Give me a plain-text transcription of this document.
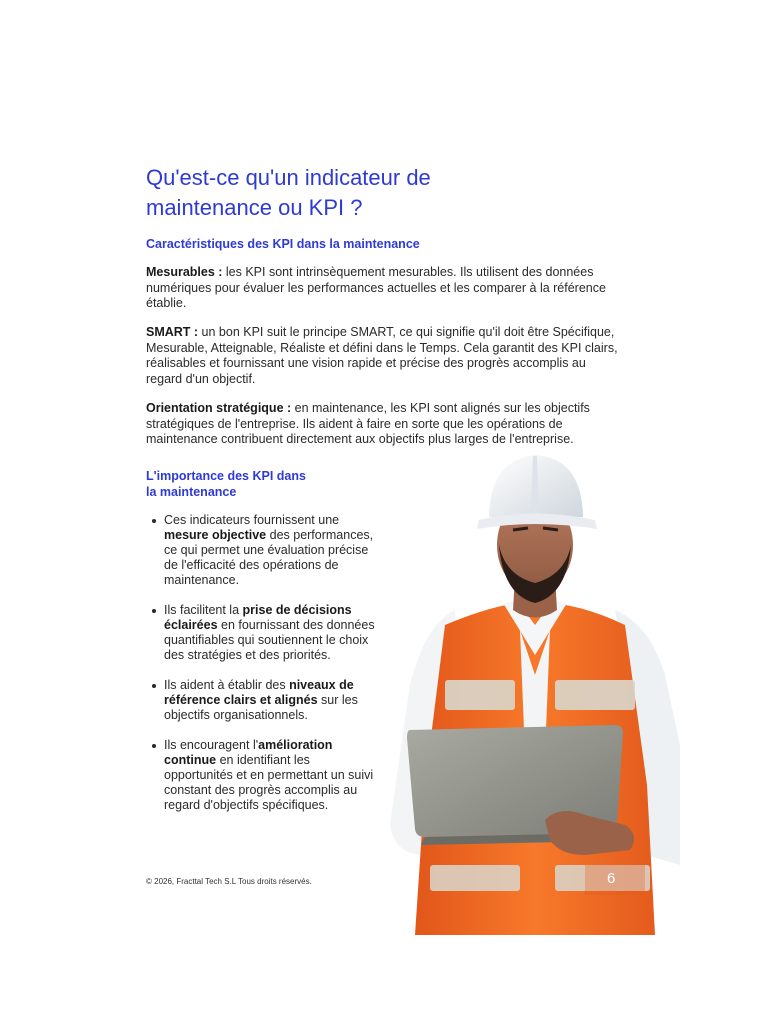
Qu'est-ce qu'un indicateur de
maintenance ou KPI ?
Caractéristiques des KPI dans la maintenance

Mesurables : les KPI sont intrinsèquement mesurables. Ils utilisent des données numériques pour évaluer les performances actuelles et les comparer à la référence établie.

SMART : un bon KPI suit le principe SMART, ce qui signifie qu'il doit être Spécifique, Mesurable, Atteignable, Réaliste et défini dans le Temps. Cela garantit des KPI clairs, réalisables et fournissant une vision rapide et précise des progrès accomplis au regard d'un objectif.

Orientation stratégique : en maintenance, les KPI sont alignés sur les objectifs stratégiques de l'entreprise. Ils aident à faire en sorte que les opérations de maintenance contribuent directement aux objectifs plus larges de l'entreprise.

L'importance des KPI dans
la maintenance
Ces indicateurs fournissent une mesure objective des performances, ce qui permet une évaluation précise de l'efficacité des opérations de maintenance.
Ils facilitent la prise de décisions éclairées en fournissant des données quantifiables qui soutiennent le choix des stratégies et des priorités.
Ils aident à établir des niveaux de référence clairs et alignés sur les objectifs organisationnels.
Ils encouragent l'amélioration continue en identifiant les opportunités et en permettant un suivi constant des progrès accomplis au regard d'objectifs spécifiques.
© 2026, Fracttal Tech S.L Tous droits réservés.	6
